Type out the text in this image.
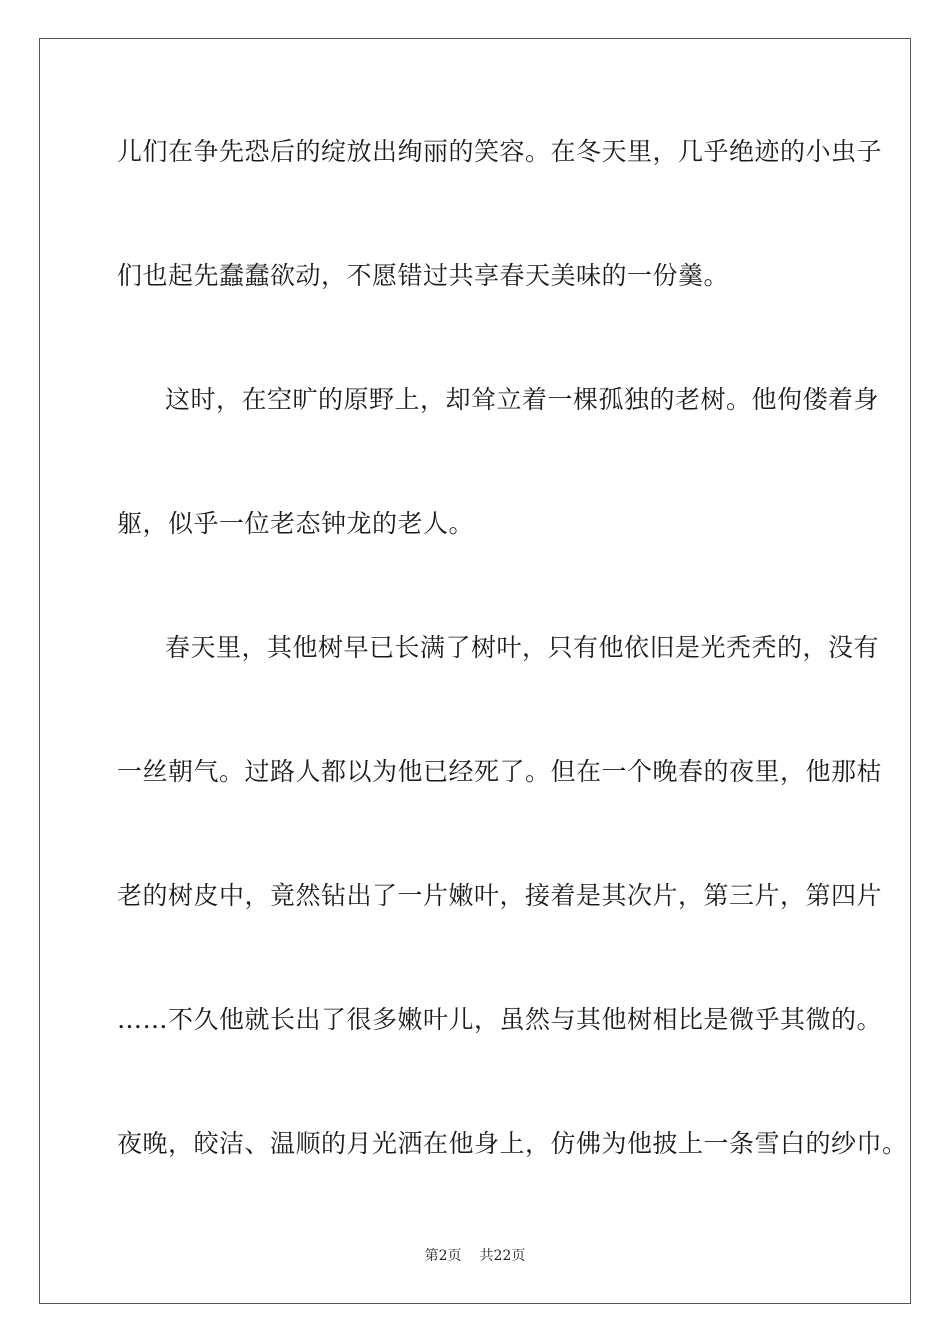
儿们在争先恐后的绽放出绚丽的笑容。在冬天里，几乎绝迹的小虫子
们也起先蠢蠢欲动，不愿错过共享春天美味的一份羹。
这时，在空旷的原野上，却耸立着一棵孤独的老树。他佝偻着身
躯，似乎一位老态钟龙的老人。
春天里，其他树早已长满了树叶，只有他依旧是光秃秃的，没有
一丝朝气。过路人都以为他已经死了。但在一个晚春的夜里，他那枯
老的树皮中，竟然钻出了一片嫩叶，接着是其次片，第三片，第四片
……不久他就长出了很多嫩叶儿，虽然与其他树相比是微乎其微的。
夜晚，皎洁、温顺的月光洒在他身上，仿佛为他披上一条雪白的纱巾。
第2页 共22页
